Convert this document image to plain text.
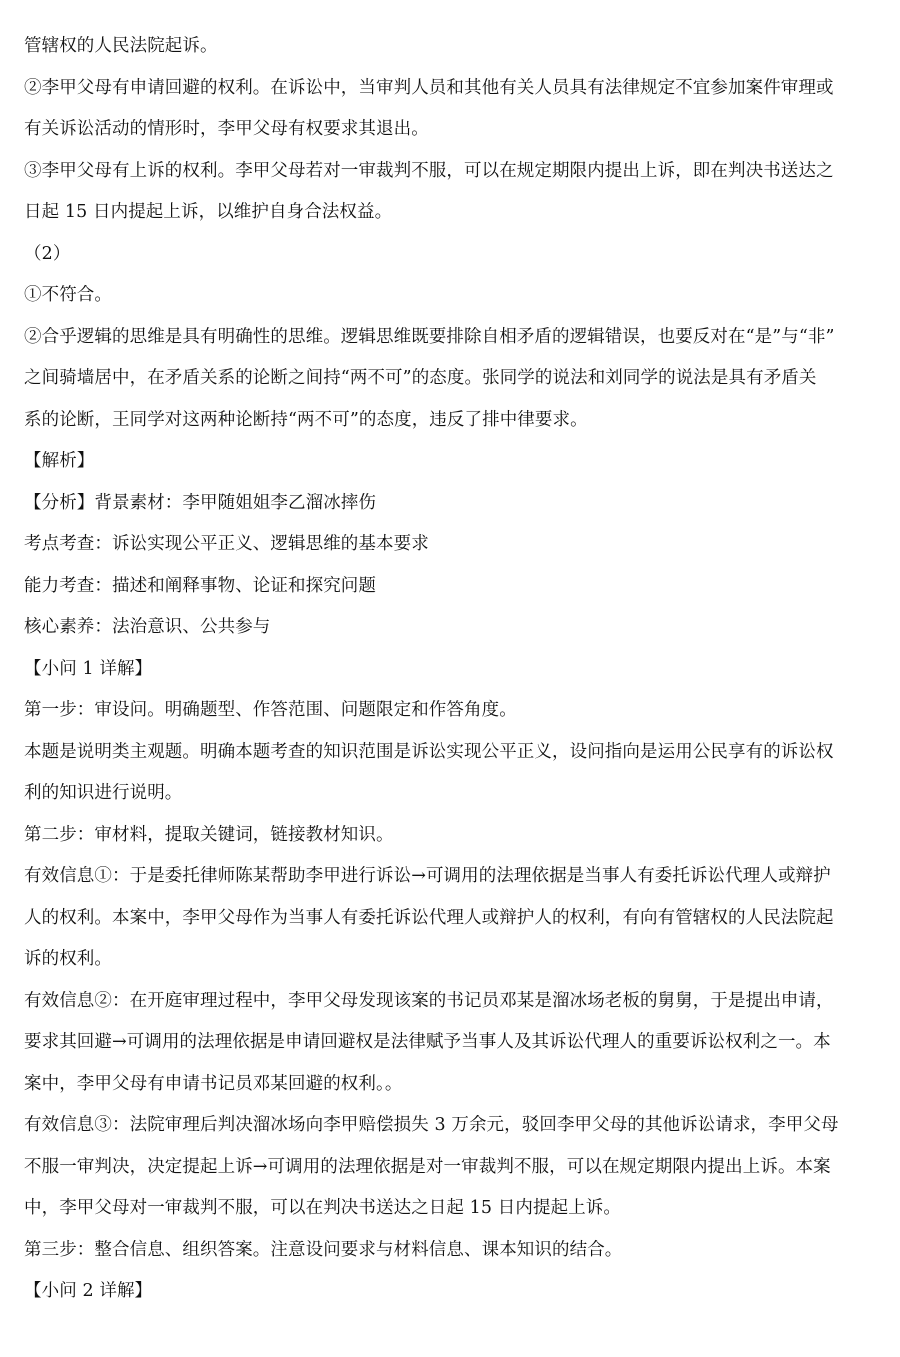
管辖权的人民法院起诉。

②李甲父母有申请回避的权利。在诉讼中，当审判人员和其他有关人员具有法律规定不宜参加案件审理或
有关诉讼活动的情形时，李甲父母有权要求其退出。

③李甲父母有上诉的权利。李甲父母若对一审裁判不服，可以在规定期限内提出上诉，即在判决书送达之
日起 15 日内提起上诉，以维护自身合法权益。

（2）

①不符合。

②合乎逻辑的思维是具有明确性的思维。逻辑思维既要排除自相矛盾的逻辑错误，也要反对在“是”与“非”
之间骑墙居中，在矛盾关系的论断之间持“两不可”的态度。张同学的说法和刘同学的说法是具有矛盾关
系的论断，王同学对这两种论断持“两不可”的态度，违反了排中律要求。

【解析】

【分析】背景素材：李甲随姐姐李乙溜冰摔伤

考点考查：诉讼实现公平正义、逻辑思维的基本要求

能力考查：描述和阐释事物、论证和探究问题

核心素养：法治意识、公共参与

【小问 1 详解】

第一步：审设问。明确题型、作答范围、问题限定和作答角度。

本题是说明类主观题。明确本题考查的知识范围是诉讼实现公平正义，设问指向是运用公民享有的诉讼权
利的知识进行说明。

第二步：审材料，提取关键词，链接教材知识。

有效信息①：于是委托律师陈某帮助李甲进行诉讼→可调用的法理依据是当事人有委托诉讼代理人或辩护
人的权利。本案中，李甲父母作为当事人有委托诉讼代理人或辩护人的权利，有向有管辖权的人民法院起
诉的权利。

有效信息②：在开庭审理过程中，李甲父母发现该案的书记员邓某是溜冰场老板的舅舅，于是提出申请，
要求其回避→可调用的法理依据是申请回避权是法律赋予当事人及其诉讼代理人的重要诉讼权利之一。本
案中，李甲父母有申请书记员邓某回避的权利。。

有效信息③：法院审理后判决溜冰场向李甲赔偿损失 3 万余元，驳回李甲父母的其他诉讼请求，李甲父母
不服一审判决，决定提起上诉→可调用的法理依据是对一审裁判不服，可以在规定期限内提出上诉。本案
中，李甲父母对一审裁判不服，可以在判决书送达之日起 15 日内提起上诉。

第三步：整合信息、组织答案。注意设问要求与材料信息、课本知识的结合。

【小问 2 详解】
